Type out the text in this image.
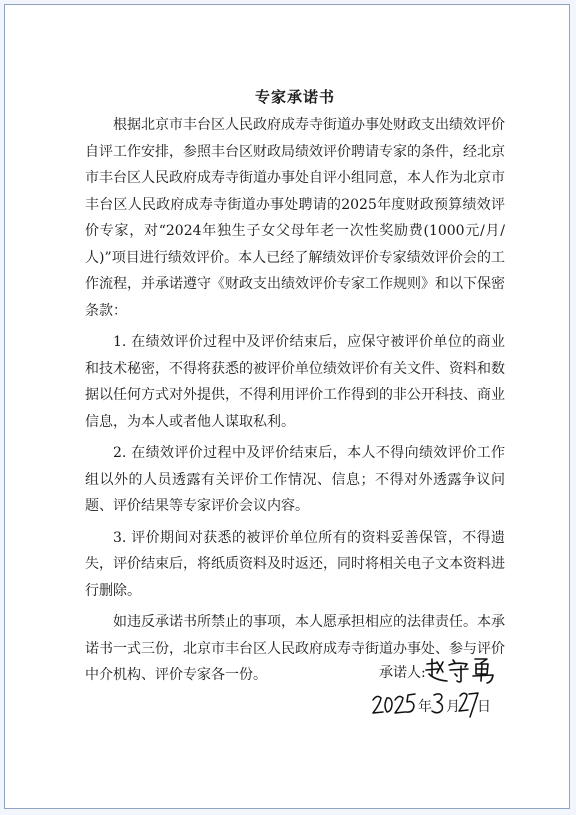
专家承诺书

根据北京市丰台区人民政府成寿寺街道办事处财政支出绩效评价自评工作安排，参照丰台区财政局绩效评价聘请专家的条件，经北京市丰台区人民政府成寿寺街道办事处自评小组同意，本人作为北京市丰台区人民政府成寿寺街道办事处聘请的2025年度财政预算绩效评价专家，对“2024年独生子女父母年老一次性奖励费(1000元/月/人)”项目进行绩效评价。本人已经了解绩效评价专家绩效评价会的工作流程，并承诺遵守《财政支出绩效评价专家工作规则》和以下保密条款：

1. 在绩效评价过程中及评价结束后，应保守被评价单位的商业和技术秘密，不得将获悉的被评价单位绩效评价有关文件、资料和数据以任何方式对外提供，不得利用评价工作得到的非公开科技、商业信息，为本人或者他人谋取私利。

2. 在绩效评价过程中及评价结束后，本人不得向绩效评价工作组以外的人员透露有关评价工作情况、信息；不得对外透露争议问题、评价结果等专家评价会议内容。

3. 评价期间对获悉的被评价单位所有的资料妥善保管，不得遗失，评价结束后，将纸质资料及时返还，同时将相关电子文本资料进行删除。

如违反承诺书所禁止的事项，本人愿承担相应的法律责任。本承诺书一式三份，北京市丰台区人民政府成寿寺街道办事处、参与评价中介机构、评价专家各一份。	承诺人:
年 月 日
